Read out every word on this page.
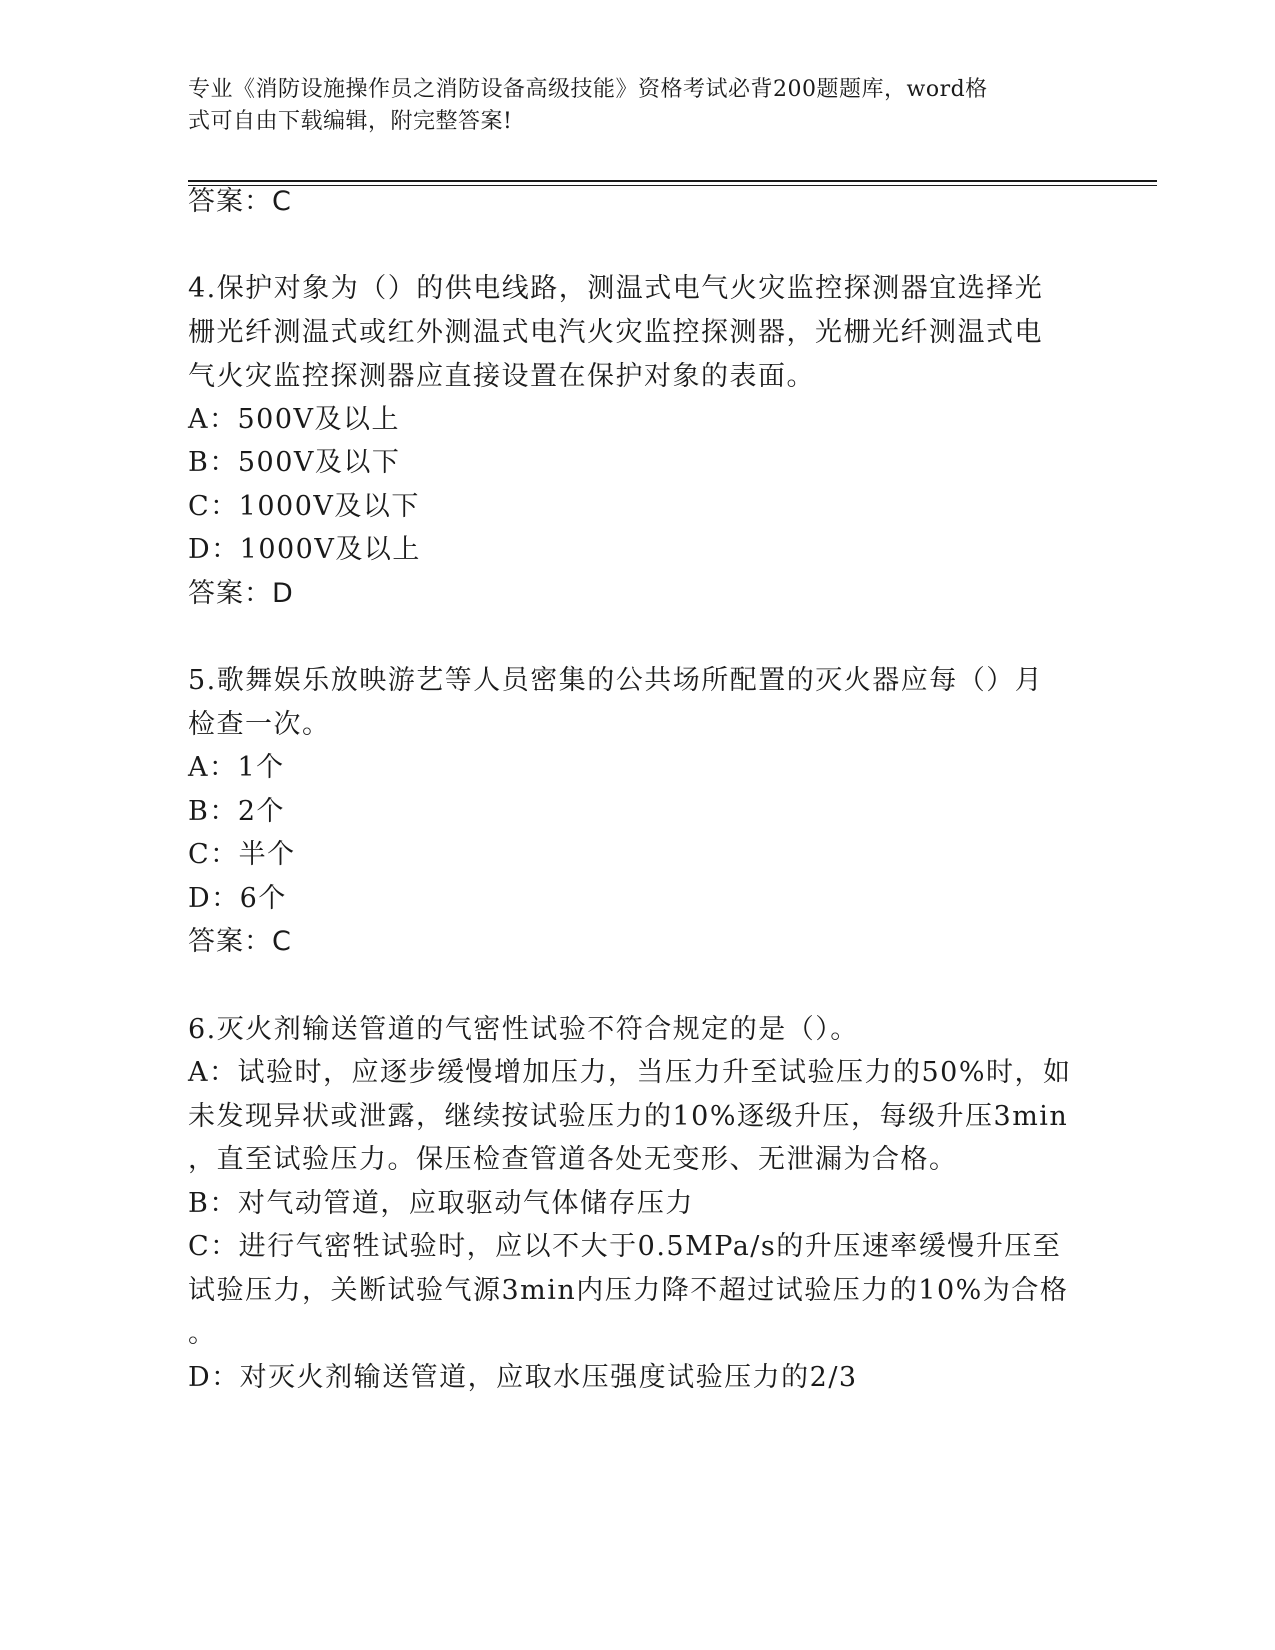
专业《消防设施操作员之消防设备高级技能》资格考试必背200题题库，word格
式可自由下载编辑，附完整答案!
答案：C
4.保护对象为（）的供电线路，测温式电气火灾监控探测器宜选择光
栅光纤测温式或红外测温式电汽火灾监控探测器，光栅光纤测温式电
气火灾监控探测器应直接设置在保护对象的表面。
A：500V及以上
B：500V及以下
C：1000V及以下
D：1000V及以上
答案：D
5.歌舞娱乐放映游艺等人员密集的公共场所配置的灭火器应每（）月
检查一次。
A：1个
B：2个
C：半个
D：6个
答案：C
6.灭火剂输送管道的气密性试验不符合规定的是（）。
A：试验时，应逐步缓慢增加压力，当压力升至试验压力的50%时，如
未发现异状或泄露，继续按试验压力的10%逐级升压，每级升压3min
，直至试验压力。保压检查管道各处无变形、无泄漏为合格。
B：对气动管道，应取驱动气体储存压力
C：进行气密牲试验时，应以不大于0.5MPa/s的升压速率缓慢升压至
试验压力，关断试验气源3min内压力降不超过试验压力的10%为合格
。
D：对灭火剂输送管道，应取水压强度试验压力的2/3
